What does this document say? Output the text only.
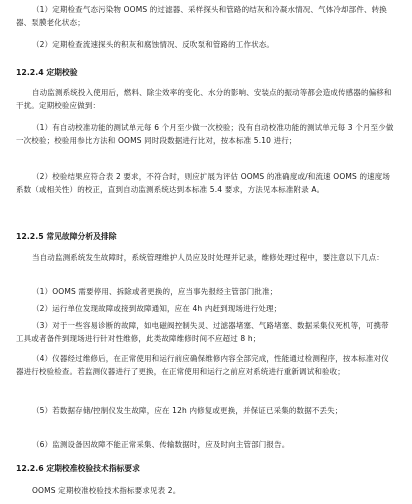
（1）定期检查气态污染物 OOMS 的过滤器、采样探头和管路的结灰和冷凝水情况、气体冷却部件、转换器、泵膜老化状态；

（2）定期检查流速探头的积灰和腐蚀情况、反吹泵和管路的工作状态。

12.2.4 定期校验

自动监测系统投入使用后，燃料、除尘效率的变化、水分的影响、安装点的振动等都会造成传感器的偏移和干扰。定期校验应做到：

（1）有自动校准功能的测试单元每 6 个月至少做一次校验；没有自动校准功能的测试单元每 3 个月至少做一次校验；校验用参比方法和 OOMS 同时段数据进行比对，按本标准 5.10 进行；

（2）校验结果应符合表 2 要求，不符合时，则应扩展为评估 OOMS 的准确度或/和流速 OOMS 的速度场系数（或相关性）的校正，直到自动监测系统达到本标准 5.4 要求，方法见本标准附录 A。

12.2.5 常见故障分析及排除

当自动监测系统发生故障时，系统管理维护人员应及时处理并记录，维修处理过程中，要注意以下几点：

（1）OOMS 需要停用、拆除或者更换的，应当事先报经主管部门批准；

（2）运行单位发现故障或接到故障通知，应在 4h 内赶到现场进行处理；

（3）对于一些容易诊断的故障，如电磁阀控制失灵、过滤器堵塞、气路堵塞、数据采集仪死机等，可携带工具或者备件到现场进行针对性维修，此类故障维修时间不应超过 8 h；

（4）仪器经过维修后，在正常使用和运行前应确保维修内容全部完成，性能通过检测程序，按本标准对仪器进行校验检查。若监测仪器进行了更换，在正常使用和运行之前应对系统进行重新调试和验收；

（5）若数据存储/控制仪发生故障，应在 12h 内修复或更换，并保证已采集的数据不丢失；

（6）监测设备因故障不能正常采集、传输数据时，应及时向主管部门报告。

12.2.6 定期校准校验技术指标要求

OOMS 定期校准校验技术指标要求见表 2。
